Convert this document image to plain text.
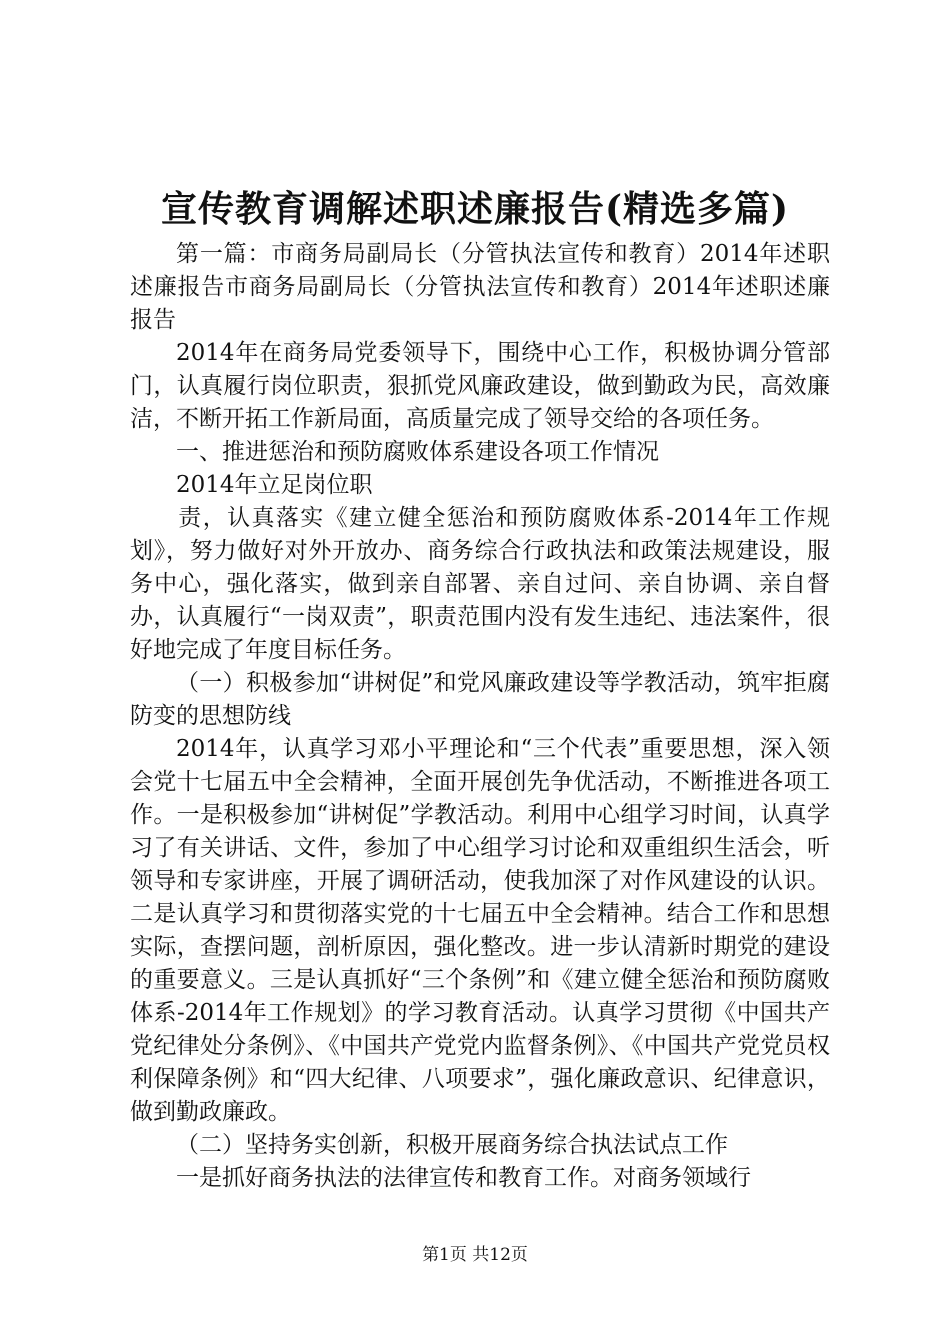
宣传教育调解述职述廉报告(精选多篇)

第一篇：市商务局副局长（分管执法宣传和教育）2014年述职述廉报告市商务局副局长（分管执法宣传和教育）2014年述职述廉报告

2014年在商务局党委领导下，围绕中心工作，积极协调分管部门，认真履行岗位职责，狠抓党风廉政建设，做到勤政为民，高效廉洁，不断开拓工作新局面，高质量完成了领导交给的各项任务。

一、推进惩治和预防腐败体系建设各项工作情况

2014年立足岗位职

责，认真落实《建立健全惩治和预防腐败体系-2014年工作规划》，努力做好对外开放办、商务综合行政执法和政策法规建设，服务中心，强化落实，做到亲自部署、亲自过问、亲自协调、亲自督办，认真履行“一岗双责”，职责范围内没有发生违纪、违法案件，很好地完成了年度目标任务。

（一）积极参加“讲树促”和党风廉政建设等学教活动，筑牢拒腐防变的思想防线

2014年，认真学习邓小平理论和“三个代表”重要思想，深入领会党十七届五中全会精神，全面开展创先争优活动，不断推进各项工作。一是积极参加“讲树促”学教活动。利用中心组学习时间，认真学习了有关讲话、文件，参加了中心组学习讨论和双重组织生活会，听领导和专家讲座，开展了调研活动，使我加深了对作风建设的认识。二是认真学习和贯彻落实党的十七届五中全会精神。结合工作和思想实际，查摆问题，剖析原因，强化整改。进一步认清新时期党的建设的重要意义。三是认真抓好“三个条例”和《建立健全惩治和预防腐败体系-2014年工作规划》的学习教育活动。认真学习贯彻《中国共产党纪律处分条例》、《中国共产党党内监督条例》、《中国共产党党员权利保障条例》和“四大纪律、八项要求”，强化廉政意识、纪律意识，做到勤政廉政。

（二）坚持务实创新，积极开展商务综合执法试点工作

一是抓好商务执法的法律宣传和教育工作。对商务领域行

第1页 共12页
